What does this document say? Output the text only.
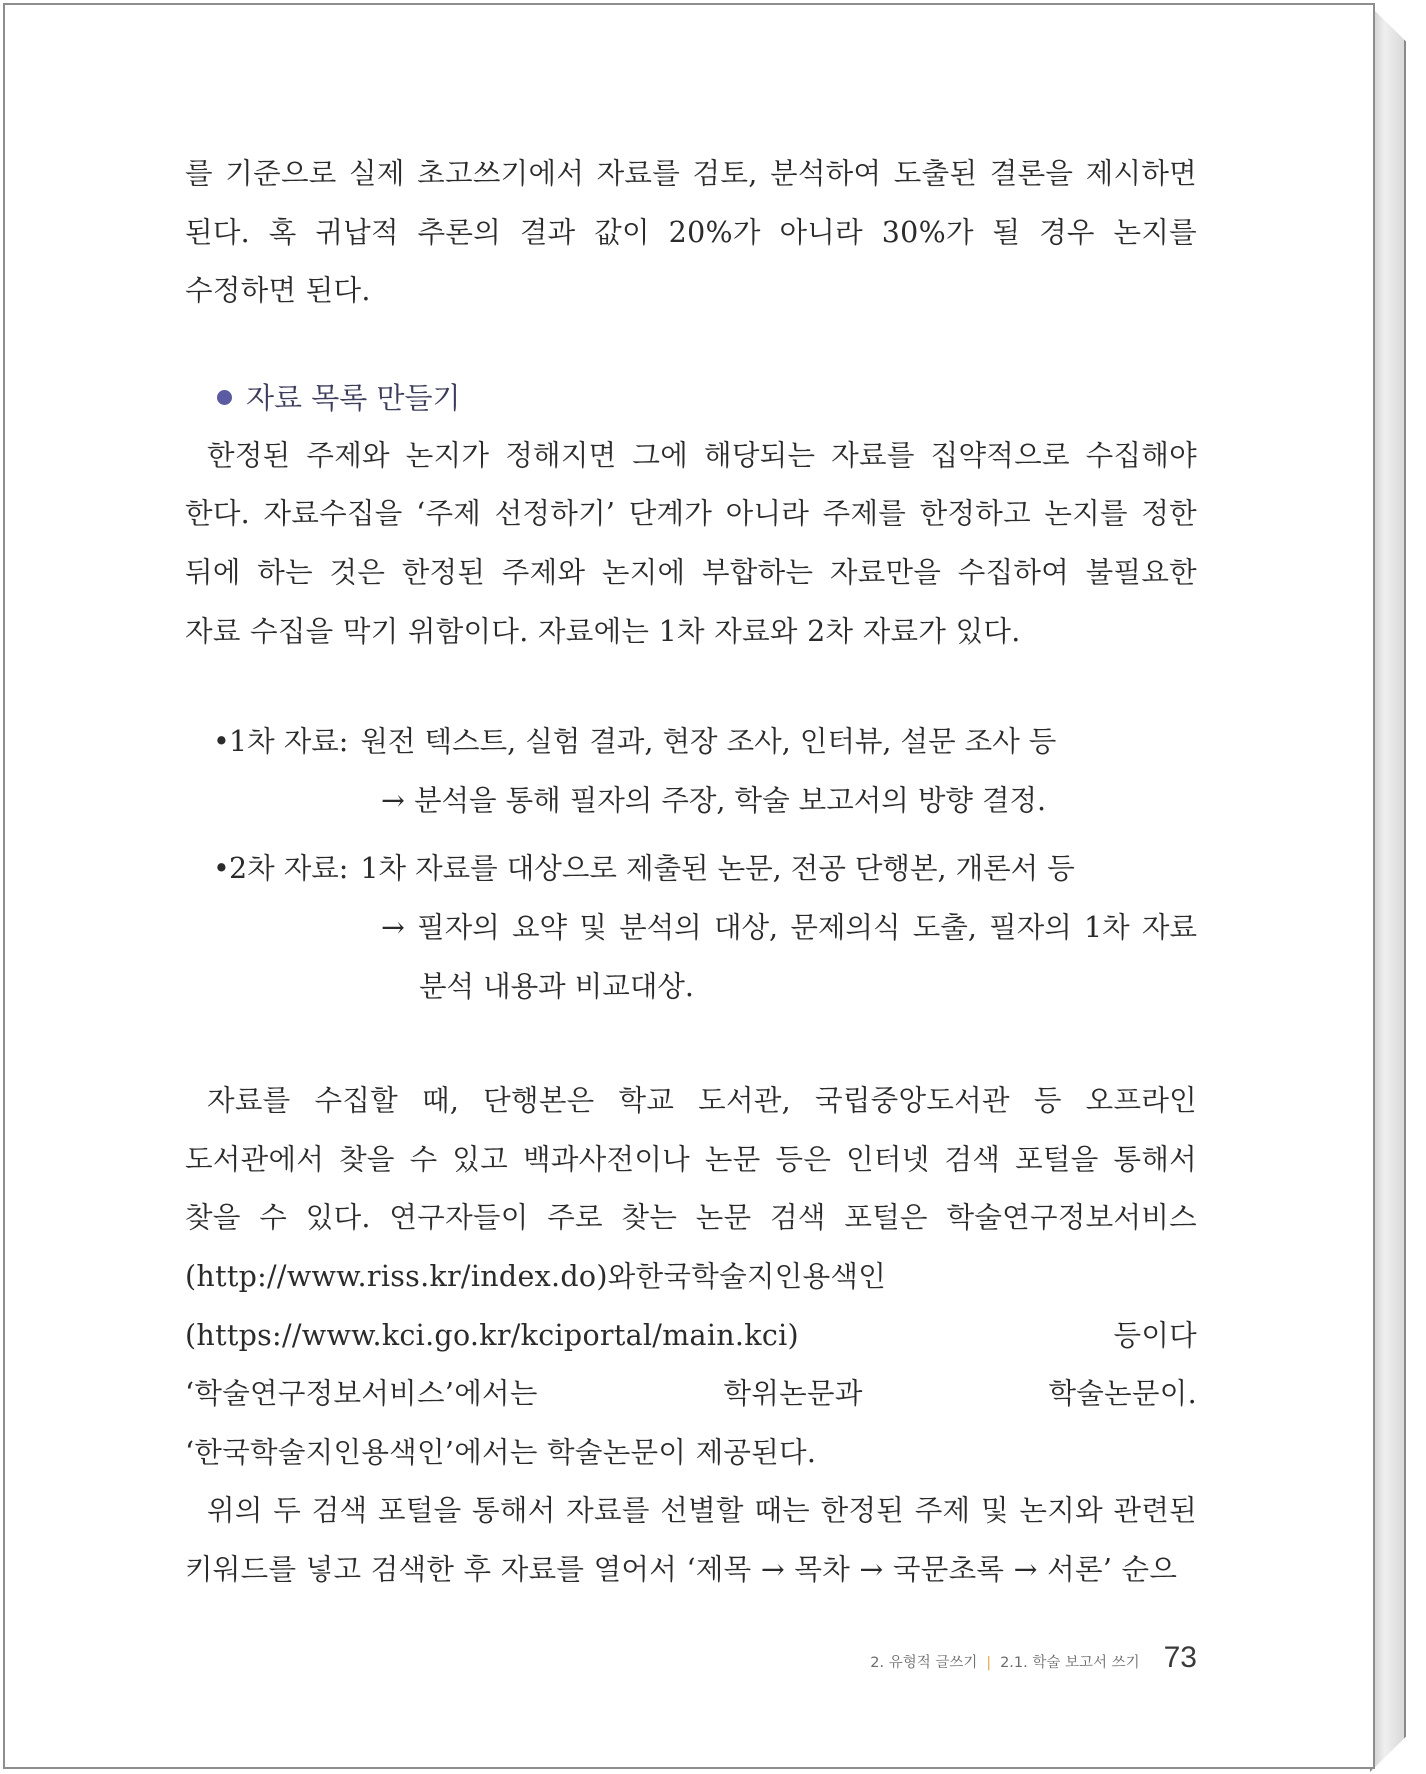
를 기준으로 실제 초고쓰기에서 자료를 검토, 분석하여 도출된 결론을 제시하면 된다. 혹 귀납적 추론의 결과 값이 20%가 아니라 30%가 될 경우 논지를 수정하면 된다.

자료 목록 만들기

한정된 주제와 논지가 정해지면 그에 해당되는 자료를 집약적으로 수집해야 한다. 자료수집을 ‘주제 선정하기’ 단계가 아니라 주제를 한정하고 논지를 정한 뒤에 하는 것은 한정된 주제와 논지에 부합하는 자료만을 수집하여 불필요한 자료 수집을 막기 위함이다. 자료에는 1차 자료와 2차 자료가 있다.

• 1차 자료: 원전 텍스트, 실험 결과, 현장 조사, 인터뷰, 설문 조사 등
→ 분석을 통해 필자의 주장, 학술 보고서의 방향 결정.
• 2차 자료: 1차 자료를 대상으로 제출된 논문, 전공 단행본, 개론서 등
→ 필자의 요약 및 분석의 대상, 문제의식 도출, 필자의 1차 자료 분석 내용과 비교대상.

자료를 수집할 때, 단행본은 학교 도서관, 국립중앙도서관 등 오프라인 도서관에서 찾을 수 있고 백과사전이나 논문 등은 인터넷 검색 포털을 통해서 찾을 수 있다. 연구자들이 주로 찾는 논문 검색 포털은 학술연구정보서비스 (http://www.riss.kr/index.do)와한국학술지인용색인(https://www.kci.go.kr/kciportal/main.kci) 등이다 ‘학술연구정보서비스’에서는 학위논문과 학술논문이. ‘한국학술지인용색인’에서는 학술논문이 제공된다.

위의 두 검색 포털을 통해서 자료를 선별할 때는 한정된 주제 및 논지와 관련된 키워드를 넣고 검색한 후 자료를 열어서 ‘제목 → 목차 → 국문초록 → 서론’ 순으

2. 유형적 글쓰기 | 2.1. 학술 보고서 쓰기 73
